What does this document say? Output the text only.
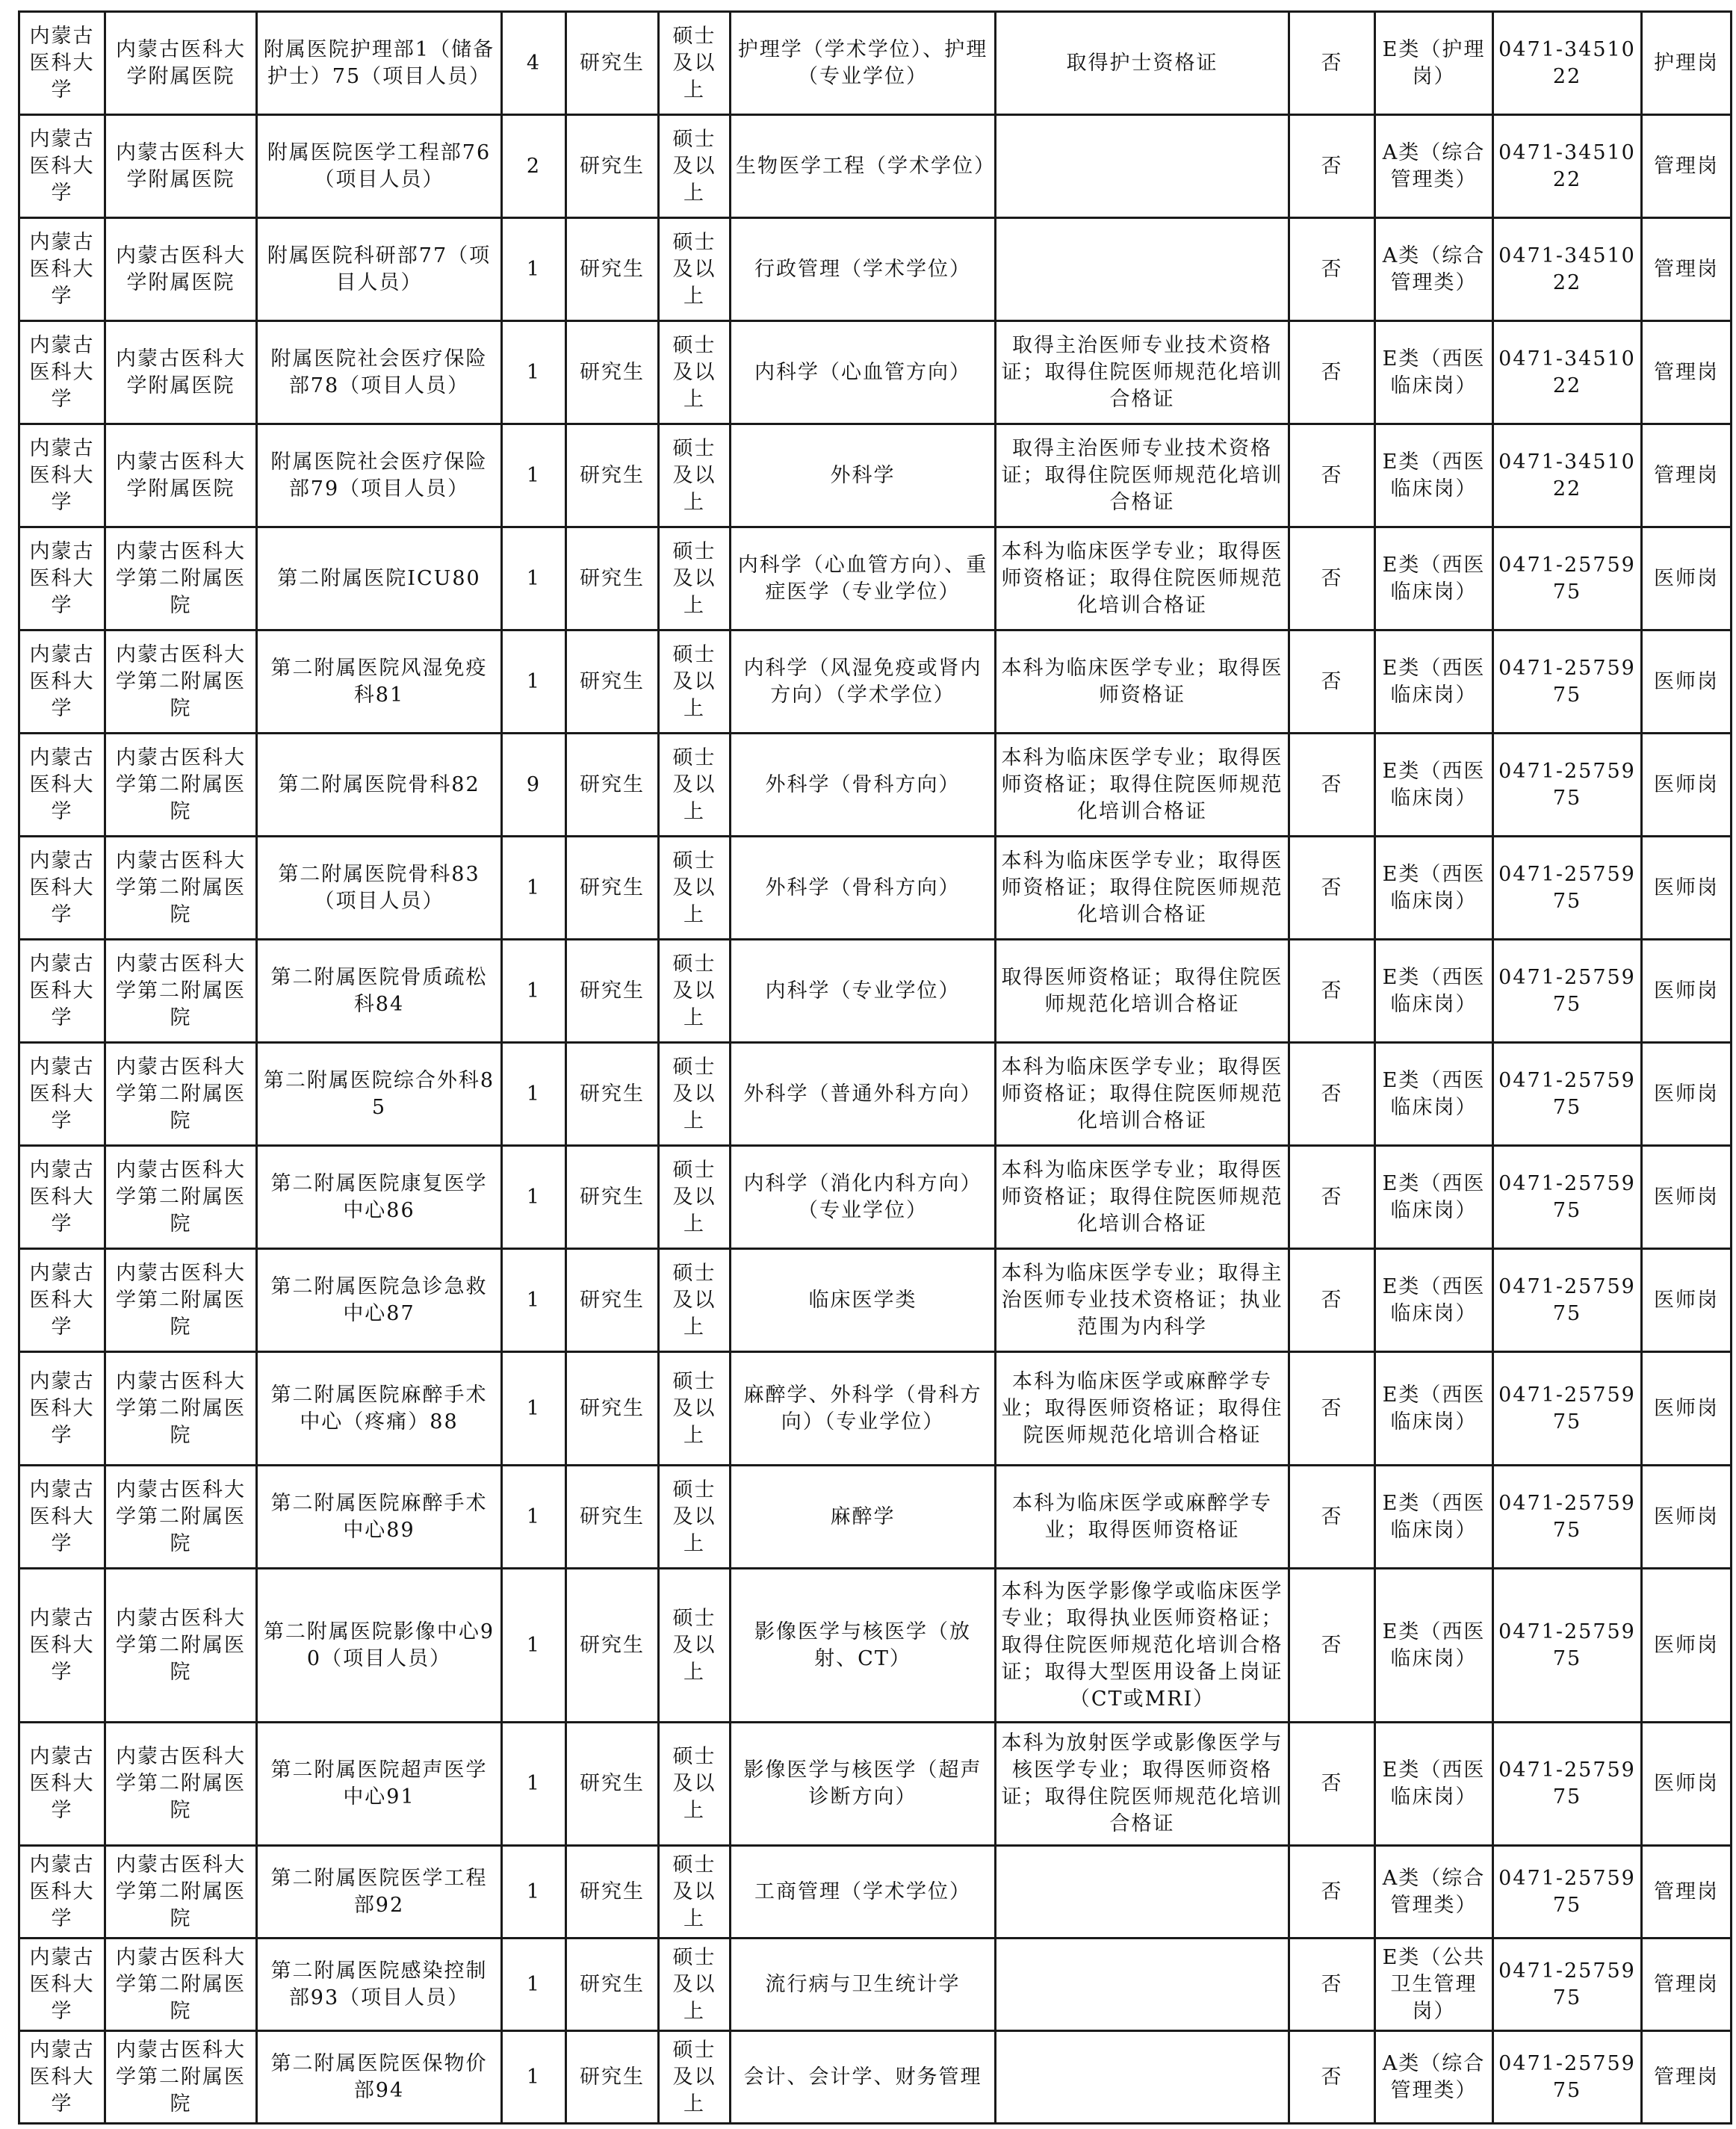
内蒙古医科大学	内蒙古医科大学附属医院	附属医院护理部1（储备护士）75（项目人员）	4	研究生	硕士及以上	护理学（学术学位）、护理（专业学位）	取得护士资格证	否	E类（护理岗）	0471-3451022	护理岗
内蒙古医科大学	内蒙古医科大学附属医院	附属医院医学工程部76（项目人员）	2	研究生	硕士及以上	生物医学工程（学术学位）		否	A类（综合管理类）	0471-3451022	管理岗
内蒙古医科大学	内蒙古医科大学附属医院	附属医院科研部77（项目人员）	1	研究生	硕士及以上	行政管理（学术学位）		否	A类（综合管理类）	0471-3451022	管理岗
内蒙古医科大学	内蒙古医科大学附属医院	附属医院社会医疗保险部78（项目人员）	1	研究生	硕士及以上	内科学（心血管方向）	取得主治医师专业技术资格证；取得住院医师规范化培训合格证	否	E类（西医临床岗）	0471-3451022	管理岗
内蒙古医科大学	内蒙古医科大学附属医院	附属医院社会医疗保险部79（项目人员）	1	研究生	硕士及以上	外科学	取得主治医师专业技术资格证；取得住院医师规范化培训合格证	否	E类（西医临床岗）	0471-3451022	管理岗
内蒙古医科大学	内蒙古医科大学第二附属医院	第二附属医院ICU80	1	研究生	硕士及以上	内科学（心血管方向）、重症医学（专业学位）	本科为临床医学专业；取得医师资格证；取得住院医师规范化培训合格证	否	E类（西医临床岗）	0471-2575975	医师岗
内蒙古医科大学	内蒙古医科大学第二附属医院	第二附属医院风湿免疫科81	1	研究生	硕士及以上	内科学（风湿免疫或肾内方向）（学术学位）	本科为临床医学专业；取得医师资格证	否	E类（西医临床岗）	0471-2575975	医师岗
内蒙古医科大学	内蒙古医科大学第二附属医院	第二附属医院骨科82	9	研究生	硕士及以上	外科学（骨科方向）	本科为临床医学专业；取得医师资格证；取得住院医师规范化培训合格证	否	E类（西医临床岗）	0471-2575975	医师岗
内蒙古医科大学	内蒙古医科大学第二附属医院	第二附属医院骨科83（项目人员）	1	研究生	硕士及以上	外科学（骨科方向）	本科为临床医学专业；取得医师资格证；取得住院医师规范化培训合格证	否	E类（西医临床岗）	0471-2575975	医师岗
内蒙古医科大学	内蒙古医科大学第二附属医院	第二附属医院骨质疏松科84	1	研究生	硕士及以上	内科学（专业学位）	取得医师资格证；取得住院医师规范化培训合格证	否	E类（西医临床岗）	0471-2575975	医师岗
内蒙古医科大学	内蒙古医科大学第二附属医院	第二附属医院综合外科85	1	研究生	硕士及以上	外科学（普通外科方向）	本科为临床医学专业；取得医师资格证；取得住院医师规范化培训合格证	否	E类（西医临床岗）	0471-2575975	医师岗
内蒙古医科大学	内蒙古医科大学第二附属医院	第二附属医院康复医学中心86	1	研究生	硕士及以上	内科学（消化内科方向）（专业学位）	本科为临床医学专业；取得医师资格证；取得住院医师规范化培训合格证	否	E类（西医临床岗）	0471-2575975	医师岗
内蒙古医科大学	内蒙古医科大学第二附属医院	第二附属医院急诊急救中心87	1	研究生	硕士及以上	临床医学类	本科为临床医学专业；取得主治医师专业技术资格证；执业范围为内科学	否	E类（西医临床岗）	0471-2575975	医师岗
内蒙古医科大学	内蒙古医科大学第二附属医院	第二附属医院麻醉手术中心（疼痛）88	1	研究生	硕士及以上	麻醉学、外科学（骨科方向）（专业学位）	本科为临床医学或麻醉学专业；取得医师资格证；取得住院医师规范化培训合格证	否	E类（西医临床岗）	0471-2575975	医师岗
内蒙古医科大学	内蒙古医科大学第二附属医院	第二附属医院麻醉手术中心89	1	研究生	硕士及以上	麻醉学	本科为临床医学或麻醉学专业；取得医师资格证	否	E类（西医临床岗）	0471-2575975	医师岗
内蒙古医科大学	内蒙古医科大学第二附属医院	第二附属医院影像中心90（项目人员）	1	研究生	硕士及以上	影像医学与核医学（放射、CT）	本科为医学影像学或临床医学专业；取得执业医师资格证；取得住院医师规范化培训合格证；取得大型医用设备上岗证（CT或MRI）	否	E类（西医临床岗）	0471-2575975	医师岗
内蒙古医科大学	内蒙古医科大学第二附属医院	第二附属医院超声医学中心91	1	研究生	硕士及以上	影像医学与核医学（超声诊断方向）	本科为放射医学或影像医学与核医学专业；取得医师资格证；取得住院医师规范化培训合格证	否	E类（西医临床岗）	0471-2575975	医师岗
内蒙古医科大学	内蒙古医科大学第二附属医院	第二附属医院医学工程部92	1	研究生	硕士及以上	工商管理（学术学位）		否	A类（综合管理类）	0471-2575975	管理岗
内蒙古医科大学	内蒙古医科大学第二附属医院	第二附属医院感染控制部93（项目人员）	1	研究生	硕士及以上	流行病与卫生统计学		否	E类（公共卫生管理岗）	0471-2575975	管理岗
内蒙古医科大学	内蒙古医科大学第二附属医院	第二附属医院医保物价部94	1	研究生	硕士及以上	会计、会计学、财务管理		否	A类（综合管理类）	0471-2575975	管理岗
